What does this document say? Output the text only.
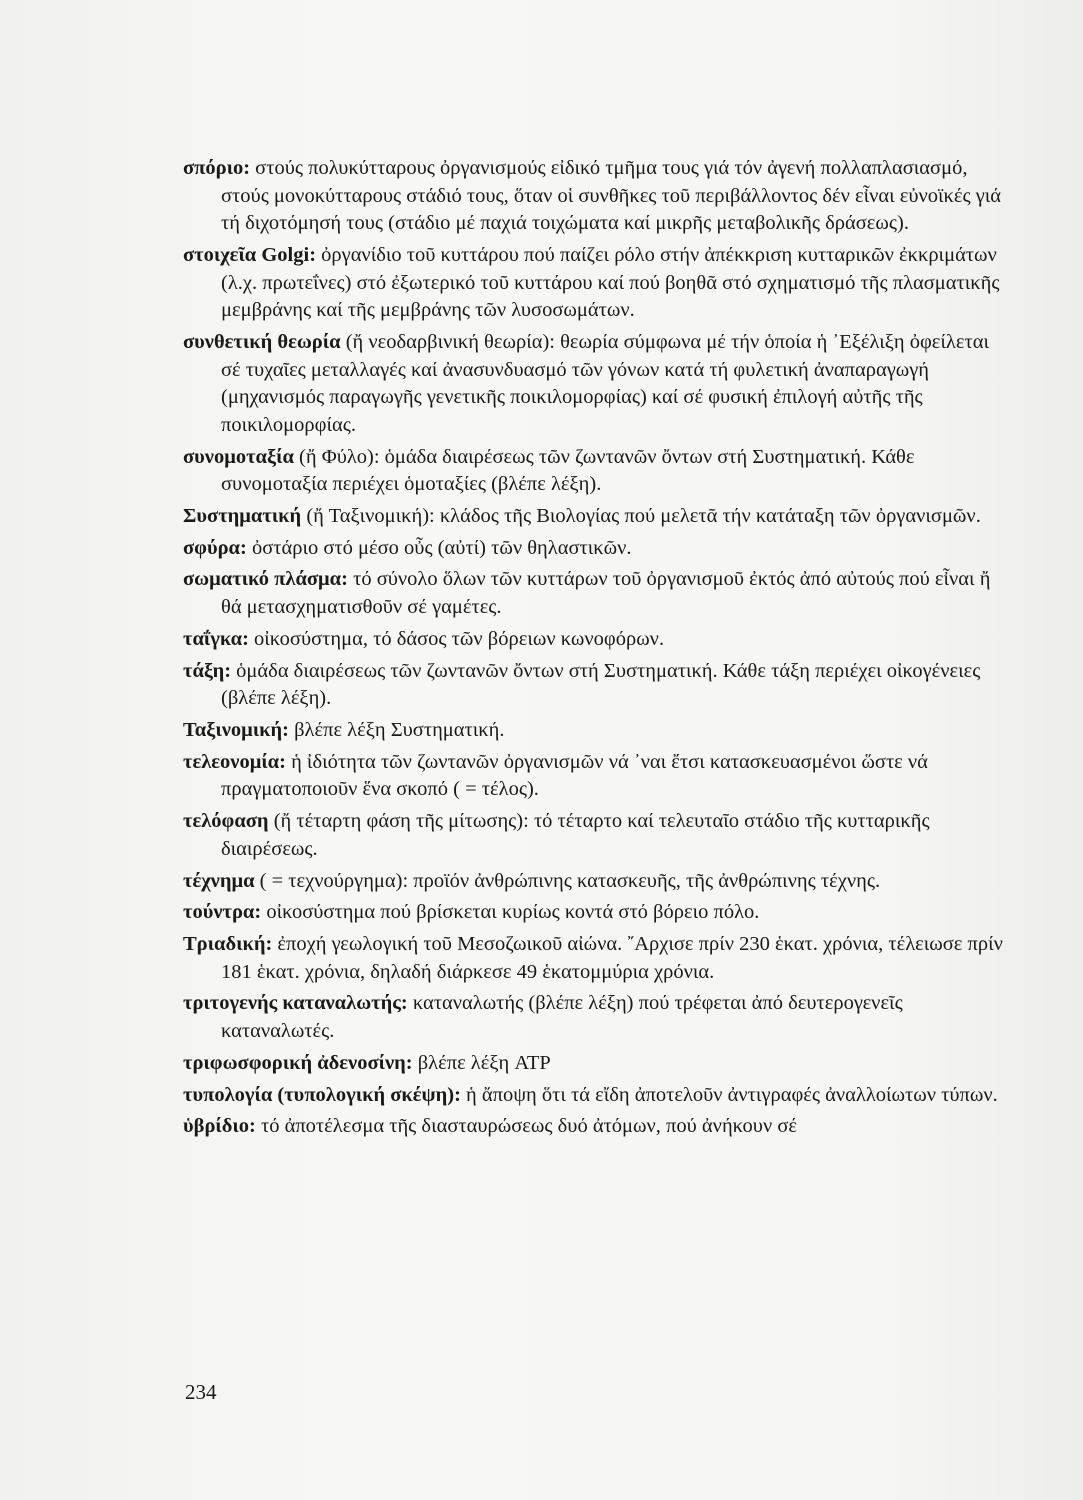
σπόριο: στούς πολυκύτταρους ὀργανισμούς εἰδικό τμῆμα τους γιά τόν ἀγενή πολλαπλασιασμό, στούς μονοκύτταρους στάδιό τους, ὅταν οἱ συνθῆκες τοῦ περιβάλλοντος δέν εἶναι εὐνοϊκές γιά τή διχοτόμησή τους (στάδιο μέ παχιά τοιχώματα καί μικρῆς μεταβολικῆς δράσεως).

στοιχεῖα Golgi: ὀργανίδιο τοῦ κυττάρου πού παίζει ρόλο στήν ἀπέκκριση κυτταρικῶν ἐκκριμάτων (λ.χ. πρωτεΐνες) στό ἐξωτερικό τοῦ κυττάρου καί πού βοηθᾶ στό σχηματισμό τῆς πλασματικῆς μεμβράνης καί τῆς μεμβράνης τῶν λυσοσωμάτων.

συνθετική θεωρία (ἤ νεοδαρβινική θεωρία): θεωρία σύμφωνα μέ τήν ὁποία ἡ ᾿Εξέλιξη ὀφείλεται σέ τυχαῖες μεταλλαγές καί ἀνασυνδυασμό τῶν γόνων κατά τή φυλετική ἀναπαραγωγή (μηχανισμός παραγωγῆς γενετικῆς ποικιλομορφίας) καί σέ φυσική ἐπιλογή αὐτῆς τῆς ποικιλομορφίας.

συνομοταξία (ἤ Φύλο): ὁμάδα διαιρέσεως τῶν ζωντανῶν ὄντων στή Συστηματική. Κάθε συνομοταξία περιέχει ὁμοταξίες (βλέπε λέξη).

Συστηματική (ἤ Ταξινομική): κλάδος τῆς Βιολογίας πού μελετᾶ τήν κατάταξη τῶν ὀργανισμῶν.

σφύρα: ὀστάριο στό μέσο οὖς (αὐτί) τῶν θηλαστικῶν.

σωματικό πλάσμα: τό σύνολο ὅλων τῶν κυττάρων τοῦ ὀργανισμοῦ ἐκτός ἀπό αὐτούς πού εἶναι ἤ θά μετασχηματισθοῦν σέ γαμέτες.

ταΐγκα: οἰκοσύστημα, τό δάσος τῶν βόρειων κωνοφόρων.

τάξη: ὁμάδα διαιρέσεως τῶν ζωντανῶν ὄντων στή Συστηματική. Κάθε τάξη περιέχει οἰκογένειες (βλέπε λέξη).

Ταξινομική: βλέπε λέξη Συστηματική.

τελεονομία: ἡ ἰδιότητα τῶν ζωντανῶν ὀργανισμῶν νά ᾿ναι ἔτσι κατασκευασμένοι ὥστε νά πραγματοποιοῦν ἕνα σκοπό ( = τέλος).

τελόφαση (ἤ τέταρτη φάση τῆς μίτωσης): τό τέταρτο καί τελευταῖο στάδιο τῆς κυτταρικῆς διαιρέσεως.

τέχνημα ( = τεχνούργημα): προϊόν ἀνθρώπινης κατασκευῆς, τῆς ἀνθρώπινης τέχνης.

τούντρα: οἰκοσύστημα πού βρίσκεται κυρίως κοντά στό βόρειο πόλο.

Τριαδική: ἐποχή γεωλογική τοῦ Μεσοζωικοῦ αἰώνα. ῎Αρχισε πρίν 230 ἑκατ. χρόνια, τέλειωσε πρίν 181 ἑκατ. χρόνια, δηλαδή διάρκεσε 49 ἑκατομμύρια χρόνια.

τριτογενής καταναλωτής: καταναλωτής (βλέπε λέξη) πού τρέφεται ἀπό δευτερογενεῖς καταναλωτές.

τριφωσφορική ἀδενοσίνη: βλέπε λέξη ATP

τυπολογία (τυπολογική σκέψη): ἡ ἄποψη ὅτι τά εἴδη ἀποτελοῦν ἀντιγραφές ἀναλλοίωτων τύπων.

ὑβρίδιο: τό ἀποτέλεσμα τῆς διασταυρώσεως δυό ἀτόμων, πού ἀνήκουν σέ

234
